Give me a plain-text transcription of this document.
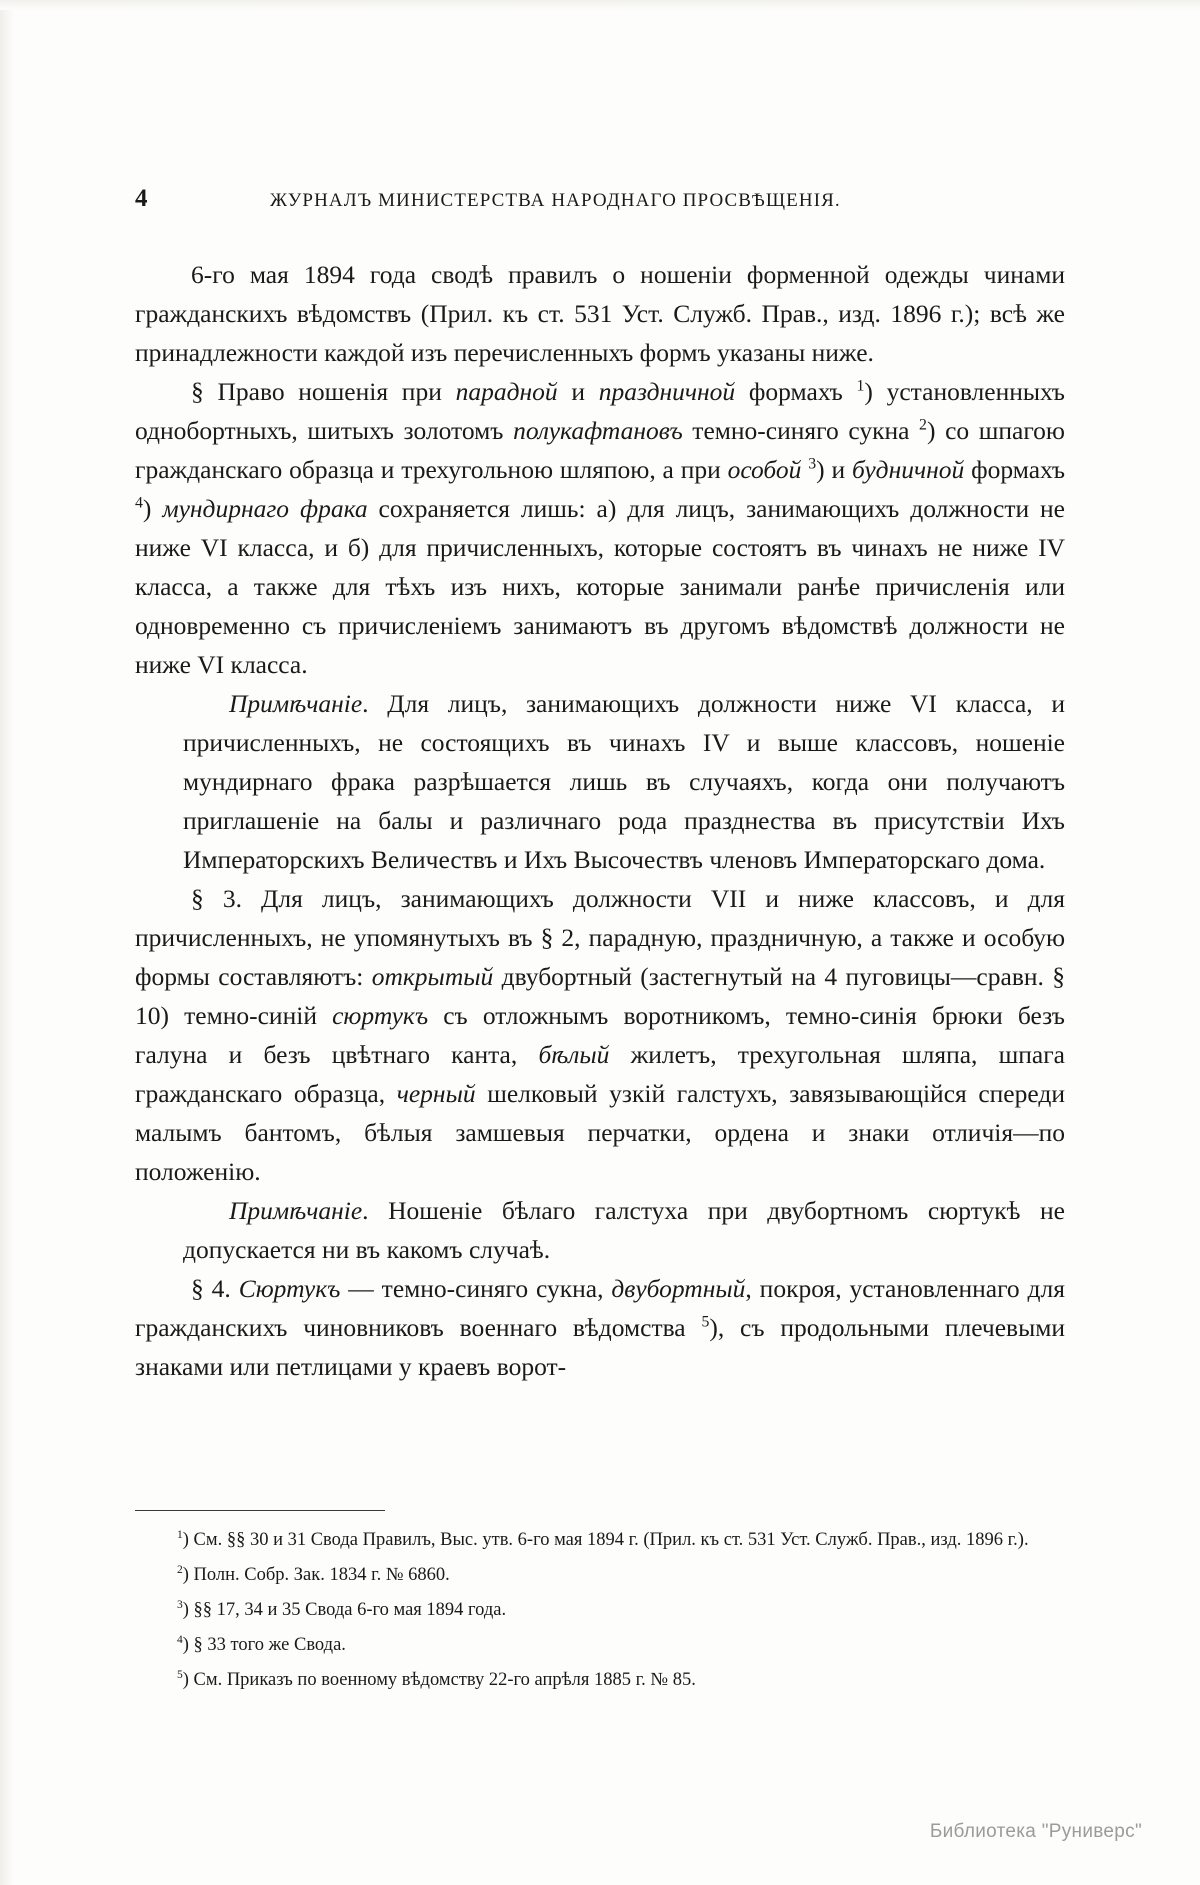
4	ЖУРНАЛЪ МИНИСТЕРСТВА НАРОДНАГО ПРОСВѢЩЕНІЯ.

6-го мая 1894 года сводѣ правилъ о ношеніи форменной одежды чинами гражданскихъ вѣдомствъ (Прил. къ ст. 531 Уст. Служб. Прав., изд. 1896 г.); всѣ же принадлежности каждой изъ перечисленныхъ формъ указаны ниже.

§ Право ношенія при парадной и праздничной формахъ $^1$) установленныхъ однобортныхъ, шитыхъ золотомъ полукафтановъ темно-синяго сукна $^2$) со шпагою гражданскаго образца и трехугольною шляпою, а при особой $^3$) и будничной формахъ $^4$) мундирнаго фрака сохраняется лишь: а) для лицъ, занимающихъ должности не ниже VI класса, и б) для причисленныхъ, которые состоятъ въ чинахъ не ниже IV класса, а также для тѣхъ изъ нихъ, которые занимали ранѣе причисленія или одновременно съ причисленіемъ занимаютъ въ другомъ вѣдомствѣ должности не ниже VI класса.

Примѣчаніе. Для лицъ, занимающихъ должности ниже VI класса, и причисленныхъ, не состоящихъ въ чинахъ IV и выше классовъ, ношеніе мундирнаго фрака разрѣшается лишь въ случаяхъ, когда они получаютъ приглашеніе на балы и различнаго рода празднества въ присутствіи Ихъ Императорскихъ Величествъ и Ихъ Высочествъ членовъ Императорскаго дома.

§ 3. Для лицъ, занимающихъ должности VII и ниже классовъ, и для причисленныхъ, не упомянутыхъ въ § 2, парадную, праздничную, а также и особую формы составляютъ: открытый двубортный (застегнутый на 4 пуговицы—сравн. § 10) темно-синій сюртукъ съ отложнымъ воротникомъ, темно-синія брюки безъ галуна и безъ цвѣтнаго канта, бѣлый жилетъ, трехугольная шляпа, шпага гражданскаго образца, черный шелковый узкій галстухъ, завязывающійся спереди малымъ бантомъ, бѣлыя замшевыя перчатки, ордена и знаки отличія—по положенію.

Примѣчаніе. Ношеніе бѣлаго галстуха при двубортномъ сюртукѣ не допускается ни въ какомъ случаѣ.

§ 4. Сюртукъ — темно-синяго сукна, двубортный, покроя, установленнаго для гражданскихъ чиновниковъ военнаго вѣдомства $^5$), съ продольными плечевыми знаками или петлицами у краевъ ворот-

$^1$) См. §§ 30 и 31 Свода Правилъ, Выс. утв. 6-го мая 1894 г. (Прил. къ ст. 531 Уст. Служб. Прав., изд. 1896 г.).

$^2$) Полн. Собр. Зак. 1834 г. № 6860.

$^3$) §§ 17, 34 и 35 Свода 6-го мая 1894 года.

$^4$) § 33 того же Свода.

$^5$) См. Приказъ по военному вѣдомству 22-го апрѣля 1885 г. № 85.

Библиотека "Руниверс"
